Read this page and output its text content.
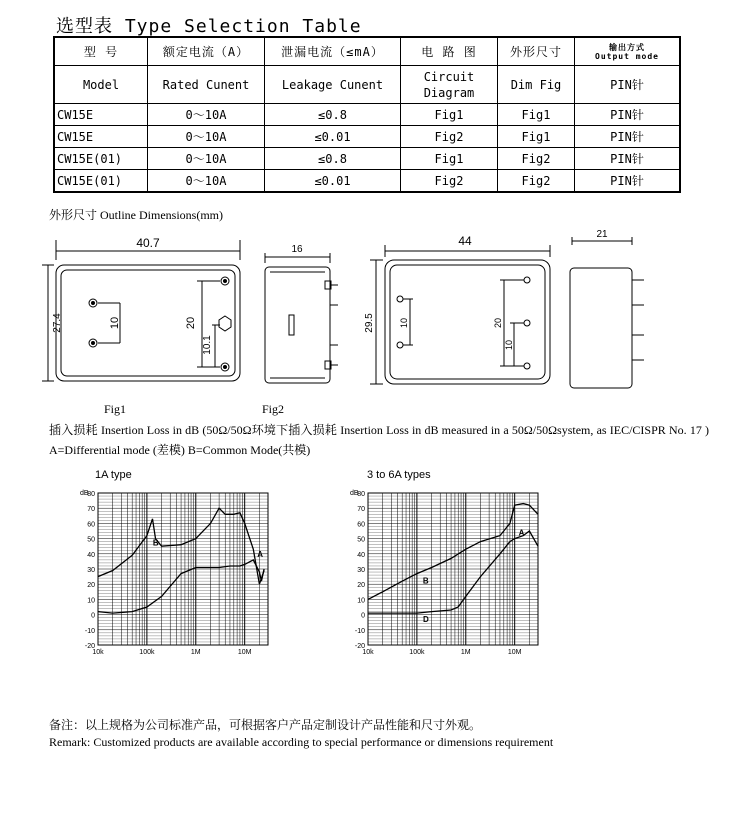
选型表 Type Selection Table
型 号	额定电流（A）	泄漏电流（≤mA）	电 路 图	外形尺寸	输出方式
Output mode

Model	Rated Cunent	Leakage Cunent	Circuit Diagram	Dim Fig	PIN针
CW15E	0～10A	≤0.8	Fig1	Fig1	PIN针
CW15E	0～10A	≤0.01	Fig2	Fig1	PIN针
CW15E(01)	0～10A	≤0.8	Fig1	Fig2	PIN针
CW15E(01)	0～10A	≤0.01	Fig2	Fig2	PIN针
外形尺寸 Outline Dimensions(mm)
40.7
27.4	10	20
10.1
16
44
29.5	10	20
10
21
Fig1	Fig2
插入损耗 Insertion Loss in dB (50Ω/50Ω环境下插入损耗 Insertion Loss in dB measured in a 50Ω/50Ωsystem, as IEC/CISPR No. 17 ) A=Differential mode (差模) B=Common Mode(共模)
1A type	3 to 6A types
80
70
60
50
40
30
20
10
0
-10
-20
dB
10k	100k	1M	10M
A
B
80
70
60
50
40
30
20
10
0
-10
-20
dB
10k	100k	1M	10M
A
B
D
备注：以上规格为公司标准产品，可根据客户产品定制设计产品性能和尺寸外观。
Remark: Customized products are available according to special performance or dimensions requirement
